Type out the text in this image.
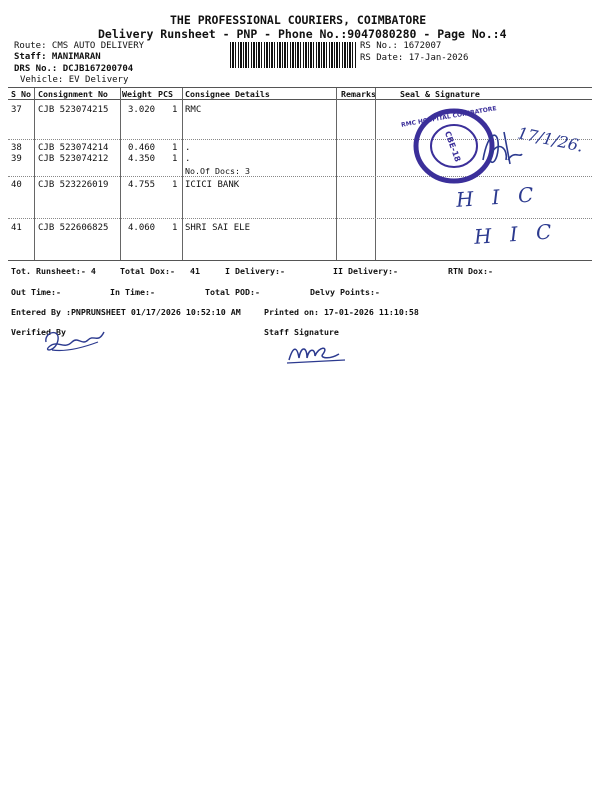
THE PROFESSIONAL COURIERS, COIMBATORE
Delivery Runsheet - PNP - Phone No.:9047080280 - Page No.:4
Route: CMS AUTO DELIVERY
Staff: MANIMARAN
DRS No.: DCJB167200704
Vehicle: EV Delivery
RS No.: 1672007
RS Date: 17-Jan-2026
S No Consignment No Weight PCS Consignee Details	Remarks	Seal & Signature
37 CJB 523074215 3.020 1 RMC
38 CJB 523074214 0.460 1 .
39 CJB 523074212 4.350 1 .
No.Of Docs: 3
40 CJB 523226019 4.755 1 ICICI BANK
41 CJB 522606825 4.060 1 SHRI SAI ELE
Tot. Runsheet:- 4	Total Dox:- 41	I Delivery:-	II Delivery:-	RTN Dox:-
Out Time:-	In Time:-	Total POD:-	Delvy Points:-
Entered By :PNPRUNSHEET 01/17/2026 10:52:10 AM	Printed on: 17-01-2026 11:10:58
Verified By	Staff Signature
CBE-18
RMC HOSPITAL COIMBATORE
17/1/26.
H I C
H I C
